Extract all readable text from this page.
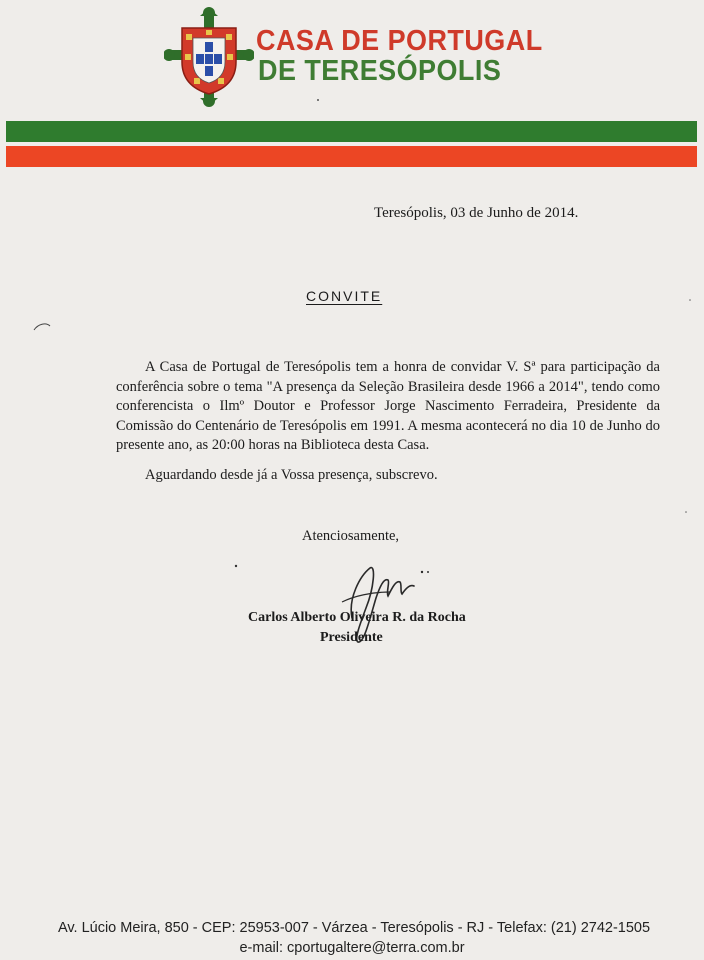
CASA DE PORTUGAL
DE TERESÓPOLIS
Teresópolis, 03 de Junho de 2014.
CONVITE

A Casa de Portugal de Teresópolis tem a honra de convidar V. Sª para participação da conferência sobre o tema "A presença da Seleção Brasileira desde 1966 a 2014", tendo como conferencista o Ilmº Doutor e Professor Jorge Nascimento Ferradeira, Presidente da Comissão do Centenário de Teresópolis em 1991. A mesma acontecerá no dia 10 de Junho do presente ano, as 20:00 horas na Biblioteca desta Casa.

Aguardando desde já a Vossa presença, subscrevo.

Atenciosamente,
Carlos Alberto Oliveira R. da Rocha
Presidente
Av. Lúcio Meira, 850 - CEP: 25953-007 - Várzea - Teresópolis - RJ - Telefax: (21) 2742-1505
e-mail: cportugaltere@terra.com.br
